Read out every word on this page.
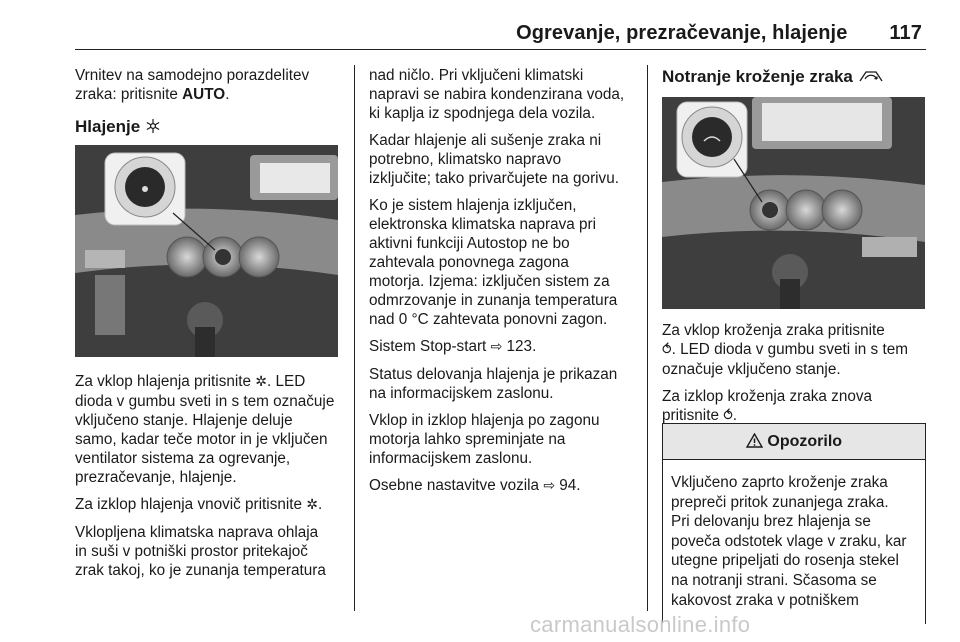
Ogrevanje, prezračevanje, hlajenje 117

Vrnitev na samodejno porazdelitev
zraka: pritisnite AUTO.

Hlajenje

Za vklop hlajenja pritisnite ✲. LED
dioda v gumbu sveti in s tem označuje
vključeno stanje. Hlajenje deluje
samo, kadar teče motor in je vključen
ventilator sistema za ogrevanje,
prezračevanje, hlajenje.

Za izklop hlajenja vnovič pritisnite ✲.

Vklopljena klimatska naprava ohlaja
in suši v potniški prostor pritekajoč
zrak takoj, ko je zunanja temperatura

nad ničlo. Pri vključeni klimatski
napravi se nabira kondenzirana voda,
ki kaplja iz spodnjega dela vozila.

Kadar hlajenje ali sušenje zraka ni
potrebno, klimatsko napravo
izključite; tako privarčujete na gorivu.

Ko je sistem hlajenja izključen,
elektronska klimatska naprava pri
aktivni funkciji Autostop ne bo
zahtevala ponovnega zagona
motorja. Izjema: izključen sistem za
odmrzovanje in zunanja temperatura
nad 0 °C zahtevata ponovni zagon.

Sistem Stop-start ⇨ 123.

Status delovanja hlajenja je prikazan
na informacijskem zaslonu.

Vklop in izklop hlajenja po zagonu
motorja lahko spreminjate na
informacijskem zaslonu.

Osebne nastavitve vozila ⇨ 94.

Notranje kroženje zraka

Za vklop kroženja zraka pritisnite
⥀. LED dioda v gumbu sveti in s tem
označuje vključeno stanje.

Za izklop kroženja zraka znova
pritisnite ⥀.

Opozorilo
Vključeno zaprto kroženje zraka
prepreči pritok zunanjega zraka.
Pri delovanju brez hlajenja se
poveča odstotek vlage v zraku, kar
utegne pripeljati do rosenja stekel
na notranji strani. Sčasoma se
kakovost zraka v potniškem
carmanualsonline.info
